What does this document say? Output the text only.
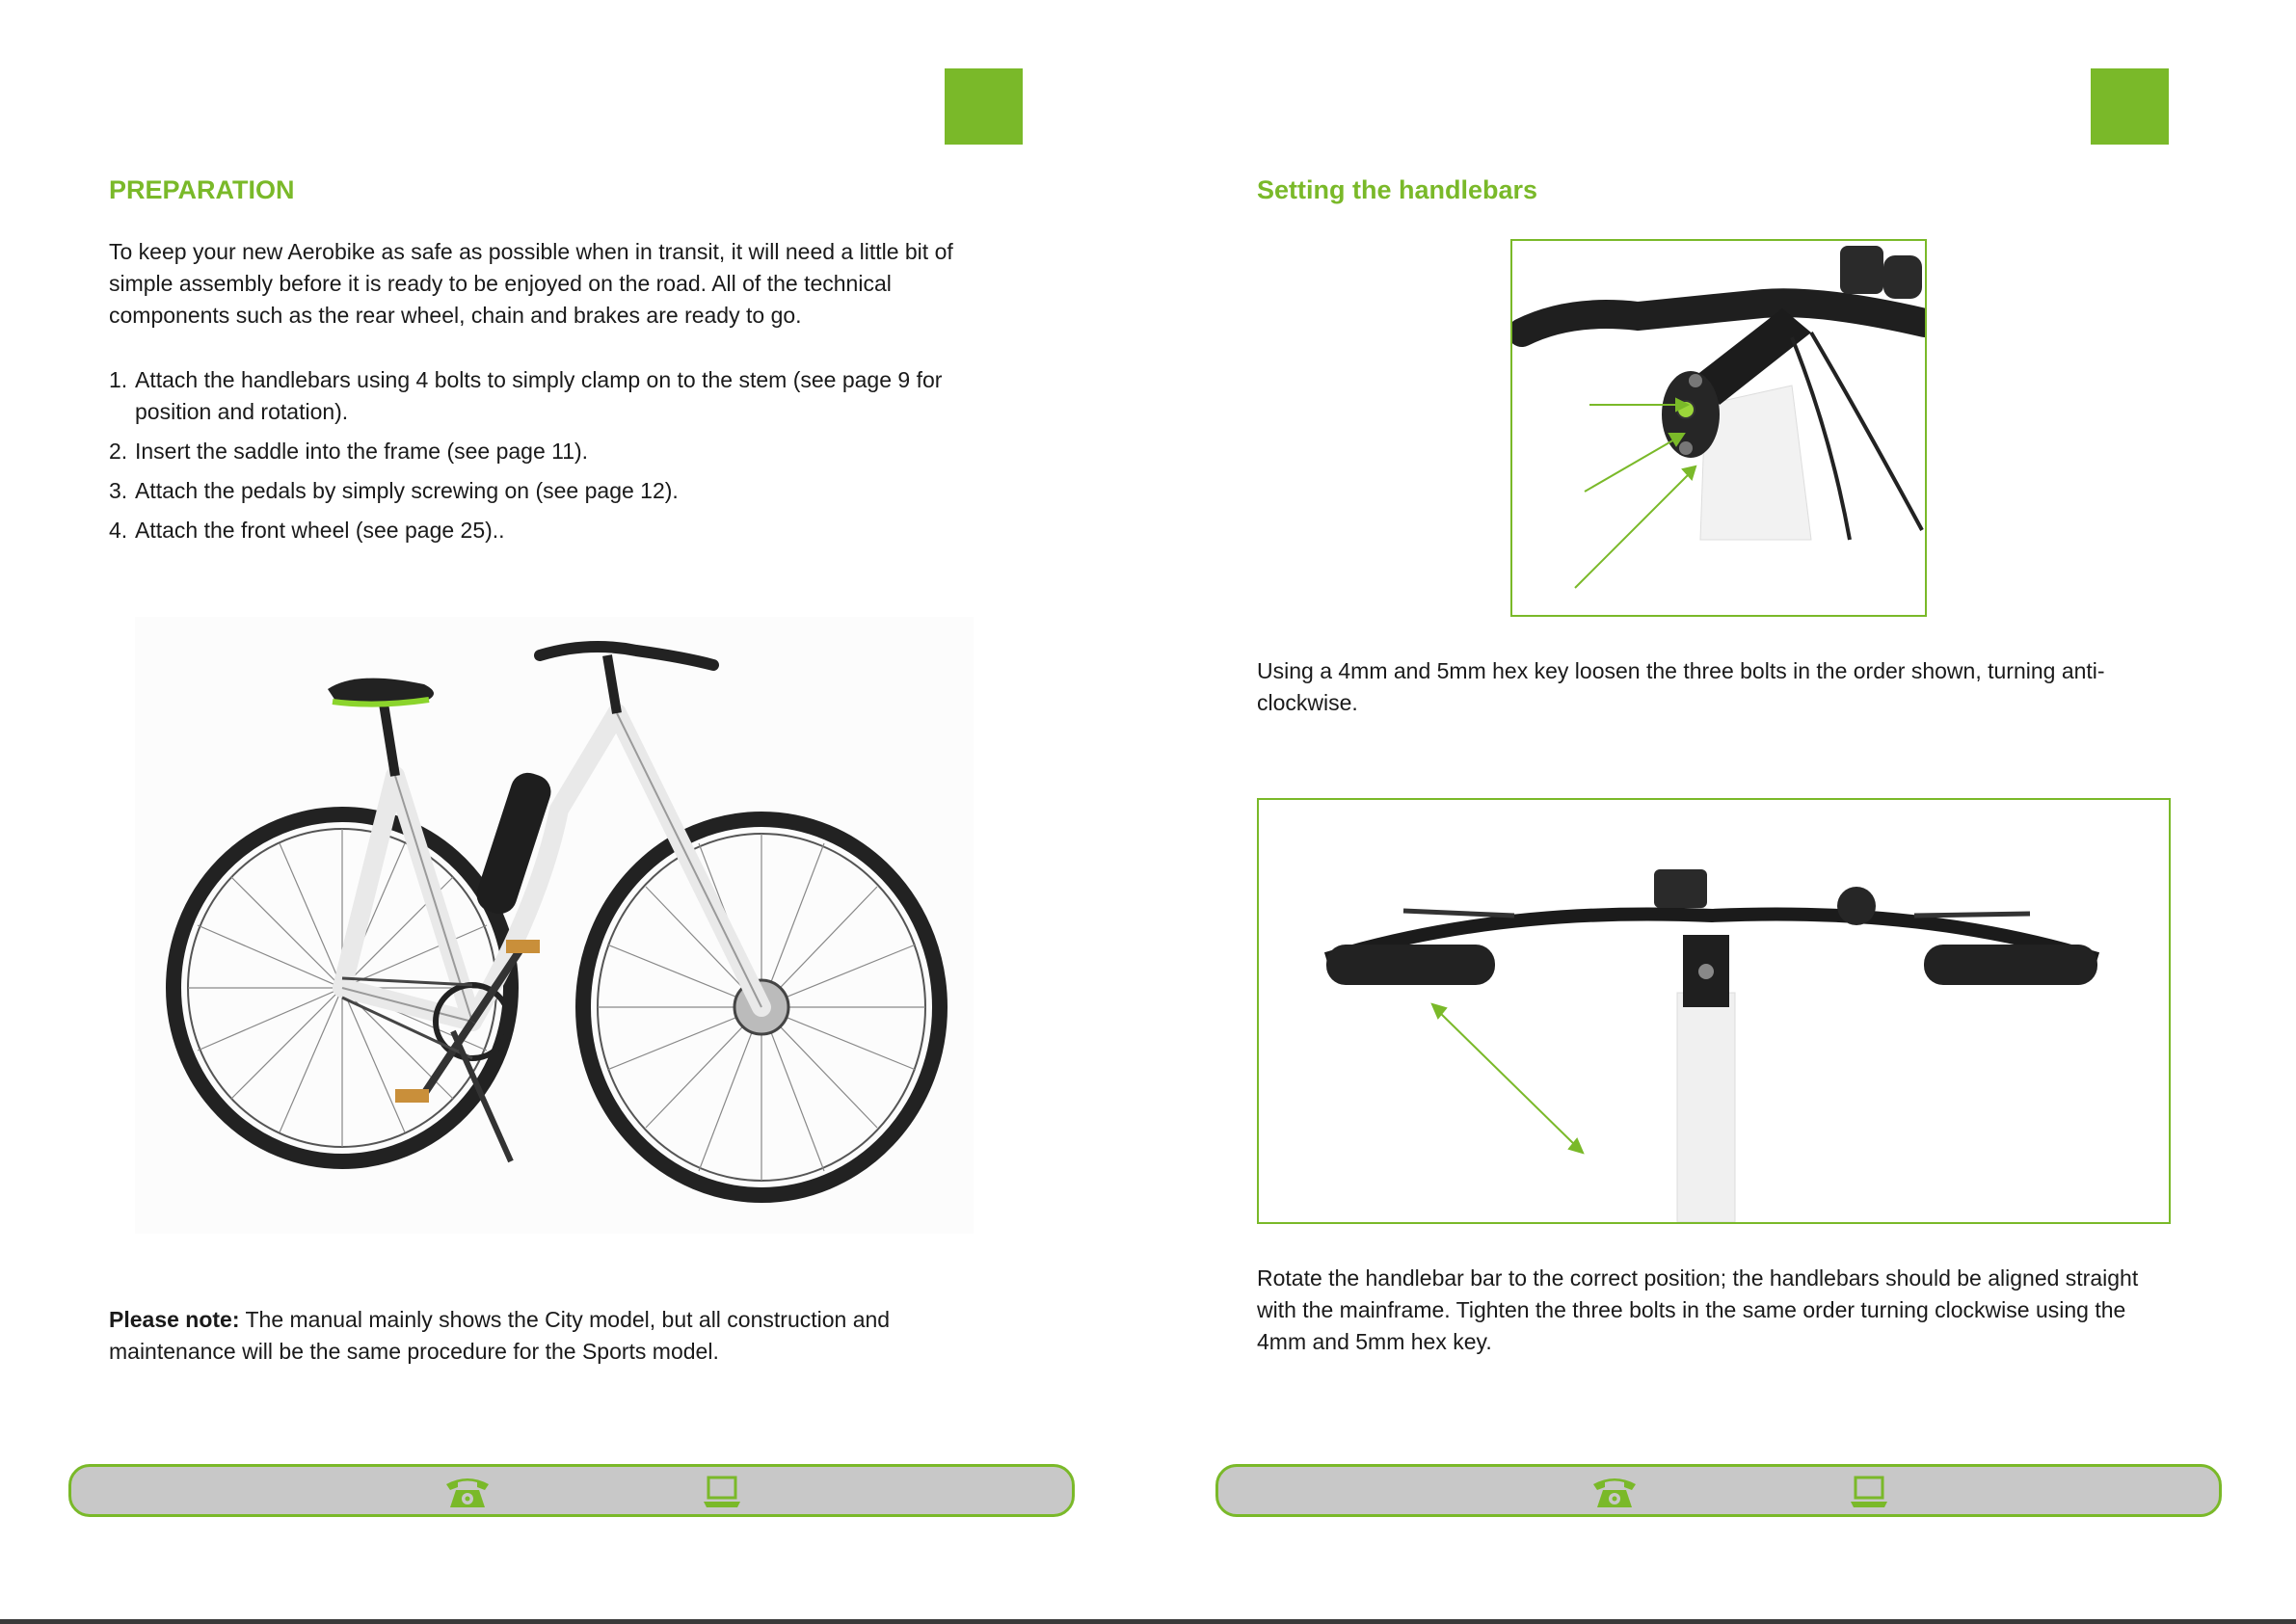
PREPARATION

To keep your new Aerobike as safe as possible when in transit, it will need a little bit of simple assembly before it is ready to be enjoyed on the road. All of the technical components such as the rear wheel, chain and brakes are ready to go.

1. Attach the handlebars using 4 bolts to simply clamp on to the stem (see page 9 for position and rotation).
2. Insert the saddle into the frame (see page 11).
3. Attach the pedals by simply screwing on (see page 12).
4. Attach the front wheel (see page 25)..

Please note: The manual mainly shows the City model, but all construction and maintenance will be the same procedure for the Sports model.

Setting the handlebars

Using a 4mm and 5mm hex key loosen the three bolts in the order shown, turning anti-clockwise.

Rotate the handlebar bar to the correct position; the handlebars should be aligned straight with the mainframe. Tighten the three bolts in the same order turning clockwise using the 4mm and 5mm hex key.
